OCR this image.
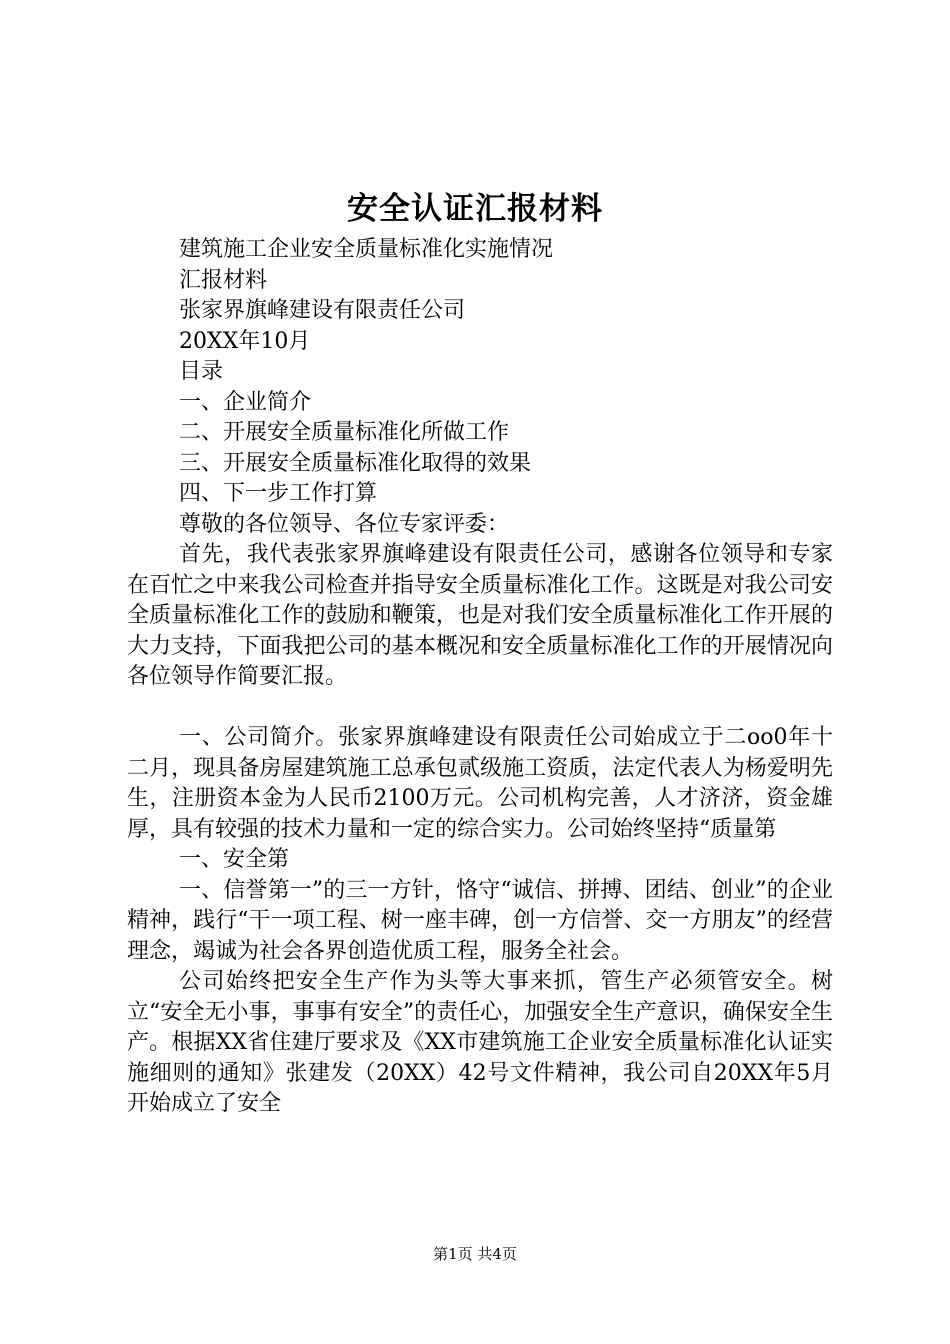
安全认证汇报材料
建筑施工企业安全质量标准化实施情况
汇报材料
张家界旗峰建设有限责任公司
20XX年10月
目录
一、企业简介
二、开展安全质量标准化所做工作
三、开展安全质量标准化取得的效果
四、下一步工作打算
尊敬的各位领导、各位专家评委：

首先，我代表张家界旗峰建设有限责任公司，感谢各位领导和专家在百忙之中来我公司检查并指导安全质量标准化工作。这既是对我公司安全质量标准化工作的鼓励和鞭策，也是对我们安全质量标准化工作开展的大力支持，下面我把公司的基本概况和安全质量标准化工作的开展情况向各位领导作简要汇报。

一、公司简介。张家界旗峰建设有限责任公司始成立于二oo0年十二月，现具备房屋建筑施工总承包贰级施工资质，法定代表人为杨爱明先生，注册资本金为人民币2100万元。公司机构完善，人才济济，资金雄厚，具有较强的技术力量和一定的综合实力。公司始终坚持“质量第

一、安全第

一、信誉第一”的三一方针，恪守“诚信、拼搏、团结、创业”的企业精神，践行“干一项工程、树一座丰碑，创一方信誉、交一方朋友”的经营理念，竭诚为社会各界创造优质工程，服务全社会。

公司始终把安全生产作为头等大事来抓，管生产必须管安全。树立“安全无小事，事事有安全”的责任心，加强安全生产意识，确保安全生产。根据XX省住建厅要求及《XX市建筑施工企业安全质量标准化认证实施细则的通知》张建发（20XX）42号文件精神，我公司自20XX年5月开始成立了安全

第1页 共4页
